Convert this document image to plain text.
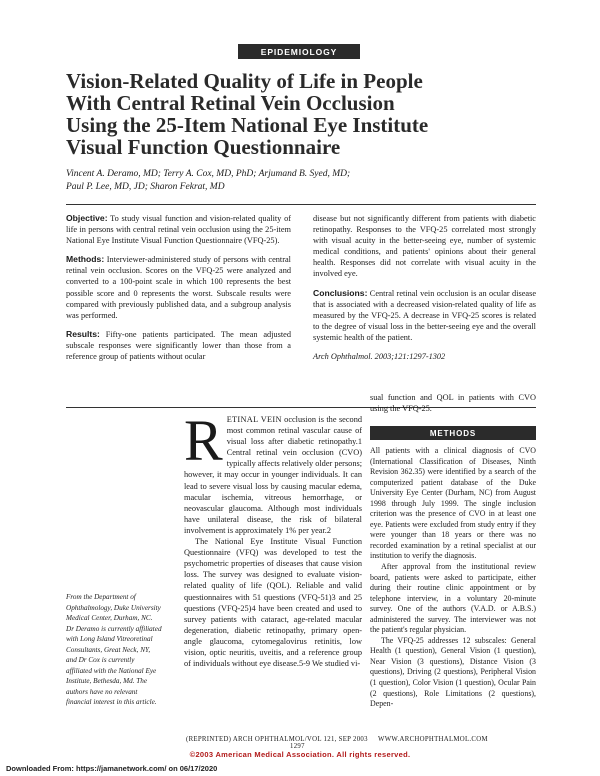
EPIDEMIOLOGY
Vision-Related Quality of Life in People
With Central Retinal Vein Occlusion
Using the 25-Item National Eye Institute
Visual Function Questionnaire
Vincent A. Deramo, MD; Terry A. Cox, MD, PhD; Arjumand B. Syed, MD;
Paul P. Lee, MD, JD; Sharon Fekrat, MD

Objective: To study visual function and vision-related quality of life in persons with central retinal vein occlusion using the 25-item National Eye Institute Visual Function Questionnaire (VFQ-25).

Methods: Interviewer-administered study of persons with central retinal vein occlusion. Scores on the VFQ-25 were analyzed and converted to a 100-point scale in which 100 represents the best possible score and 0 represents the worst. Subscale results were compared with previously published data, and a subgroup analysis was performed.

Results: Fifty-one patients participated. The mean adjusted subscale responses were significantly lower than those from a reference group of patients without ocular

disease but not significantly different from patients with diabetic retinopathy. Responses to the VFQ-25 correlated most strongly with visual acuity in the better-seeing eye, number of systemic medical conditions, and patients' opinions about their general health. Responses did not correlate with visual acuity in the involved eye.

Conclusions: Central retinal vein occlusion is an ocular disease that is associated with a decreased vision-related quality of life as measured by the VFQ-25. A decrease in VFQ-25 scores is related to the degree of visual loss in the better-seeing eye and the overall systemic health of the patient.

Arch Ophthalmol. 2003;121:1297-1302

From the Department of Ophthalmology, Duke University Medical Center, Durham, NC. Dr Deramo is currently affiliated with Long Island Vitreoretinal Consultants, Great Neck, NY, and Dr Cox is currently affiliated with the National Eye Institute, Bethesda, Md. The authors have no relevant financial interest in this article.

RETINAL VEIN occlusion is the second most common retinal vascular cause of visual loss after diabetic retinopathy.1 Central retinal vein occlusion (CVO) typically affects relatively older persons; however, it may occur in younger individuals. It can lead to severe visual loss by causing macular edema, macular ischemia, vitreous hemorrhage, or neovascular glaucoma. Although most individuals have unilateral disease, the risk of bilateral involvement is approximately 1% per year.2

The National Eye Institute Visual Function Questionnaire (VFQ) was developed to test the psychometric properties of diseases that cause vision loss. The survey was designed to evaluate vision-related quality of life (QOL). Reliable and valid questionnaires with 51 questions (VFQ-51)3 and 25 questions (VFQ-25)4 have been created and used to survey patients with cataract, age-related macular degeneration, diabetic retinopathy, primary open-angle glaucoma, cytomegalovirus retinitis, low vision, optic neuritis, uveitis, and a reference group of individuals without eye disease.5-9 We studied vi-

sual function and QOL in patients with CVO using the VFQ-25.

METHODS

All patients with a clinical diagnosis of CVO (International Classification of Diseases, Ninth Revision 362.35) were identified by a search of the computerized patient database of the Duke University Eye Center (Durham, NC) from August 1998 through July 1999. The single inclusion criterion was the presence of CVO in at least one eye. Patients were excluded from study entry if they were younger than 18 years or there was no recorded examination by a retinal specialist at our institution to verify the diagnosis.

After approval from the institutional review board, patients were asked to participate, either during their routine clinic appointment or by telephone interview, in a voluntary 20-minute survey. One of the authors (V.A.D. or A.B.S.) administered the survey. The interviewer was not the patient's regular physician.

The VFQ-25 addresses 12 subscales: General Health (1 question), General Vision (1 question), Near Vision (3 questions), Distance Vision (3 questions), Driving (2 questions), Peripheral Vision (1 question), Color Vision (1 question), Ocular Pain (2 questions), Role Limitations (2 questions), Depen-

(REPRINTED) ARCH OPHTHALMOL/VOL 121, SEP 2003 WWW.ARCHOPHTHALMOL.COM
1297
©2003 American Medical Association. All rights reserved.
Downloaded From: https://jamanetwork.com/ on 06/17/2020
